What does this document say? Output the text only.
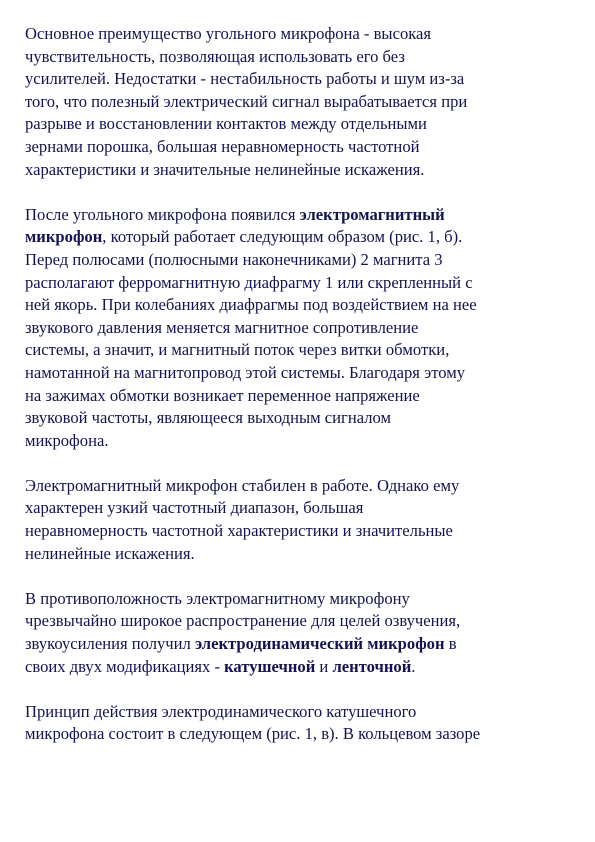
Основное преимущество угольного микрофона - высокая
чувствительность, позволяющая использовать его без
усилителей. Недостатки - нестабильность работы и шум из-за
того, что полезный электрический сигнал вырабатывается при
разрыве и восстановлении контактов между отдельными
зернами порошка, большая неравномерность частотной
характеристики и значительные нелинейные искажения.

После угольного микрофона появился электромагнитный
микрофон, который работает следующим образом (рис. 1, б).
Перед полюсами (полюсными наконечниками) 2 магнита 3
располагают ферромагнитную диафрагму 1 или скрепленный с
ней якорь. При колебаниях диафрагмы под воздействием на нее
звукового давления меняется магнитное сопротивление
системы, а значит, и магнитный поток через витки обмотки,
намотанной на магнитопровод этой системы. Благодаря этому
на зажимах обмотки возникает переменное напряжение
звуковой частоты, являющееся выходным сигналом
микрофона.

Электромагнитный микрофон стабилен в работе. Однако ему
характерен узкий частотный диапазон, большая
неравномерность частотной характеристики и значительные
нелинейные искажения.

В противоположность электромагнитному микрофону
чрезвычайно широкое распространение для целей озвучения,
звукоусиления получил электродинамический микрофон в
своих двух модификациях - катушечной и ленточной.

Принцип действия электродинамического катушечного
микрофона состоит в следующем (рис. 1, в). В кольцевом зазоре
